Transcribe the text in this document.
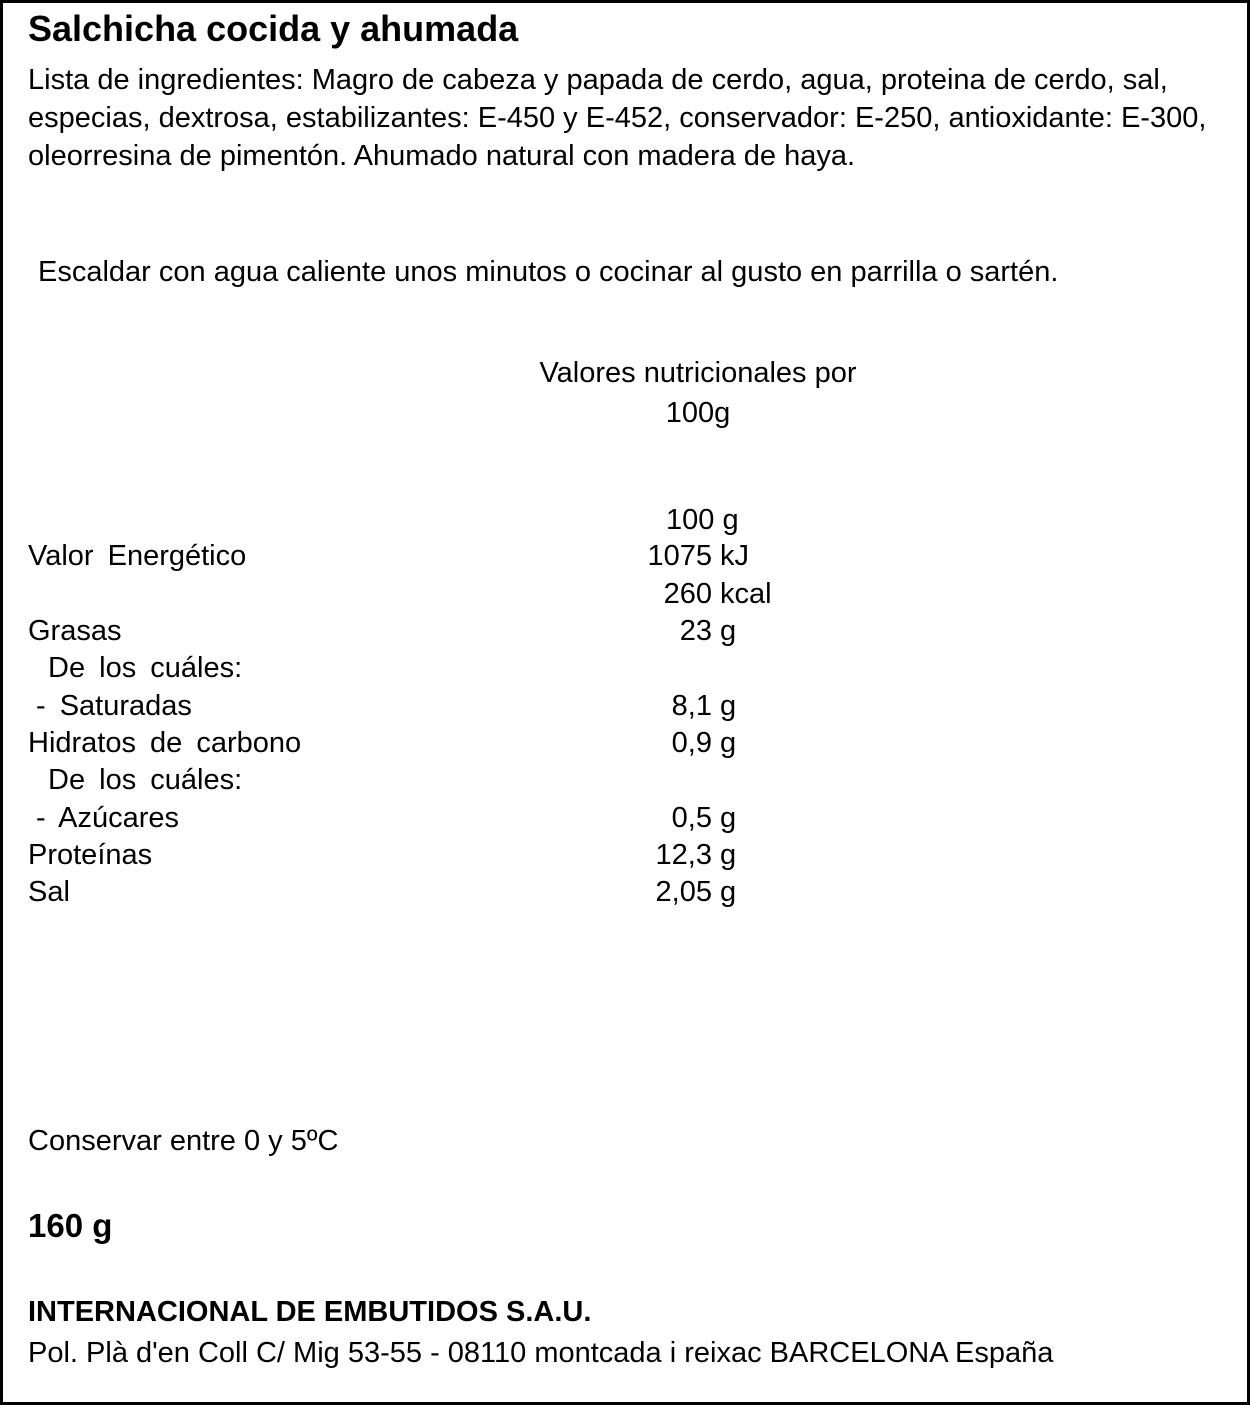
Salchicha cocida y ahumada
Lista de ingredientes: Magro de cabeza y papada de cerdo, agua, proteina de cerdo, sal, especias, dextrosa, estabilizantes: E-450 y E-452, conservador: E-250, antioxidante: E-300, oleorresina de pimentón. Ahumado natural con madera de haya.
Escaldar con agua caliente unos minutos o cocinar al gusto en parrilla o sartén.
Valores nutricionales por
100g
100 g
Valor Energético	1075 kJ
260 kcal
Grasas	23 g
De los cuáles:
- Saturadas	8,1 g
Hidratos de carbono	0,9 g
De los cuáles:
- Azúcares	0,5 g
Proteínas	12,3 g
Sal	2,05 g
Conservar entre 0 y 5ºC
160 g
INTERNACIONAL DE EMBUTIDOS S.A.U.
Pol. Plà d'en Coll C/ Mig 53-55 - 08110 montcada i reixac BARCELONA España
